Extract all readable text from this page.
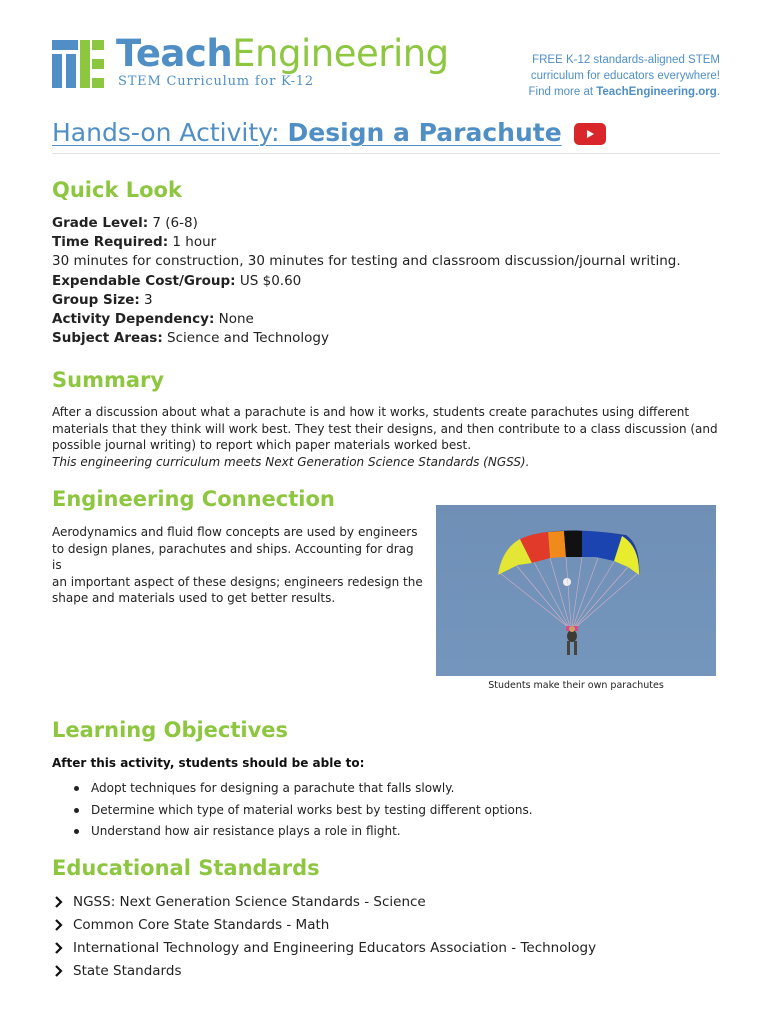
TeachEngineering
STEM Curriculum for K-12
FREE K-12 standards-aligned STEM
curriculum for educators everywhere!
Find more at TeachEngineering.org.
Hands-on Activity: Design a Parachute
Quick Look
Grade Level: 7 (6-8)
Time Required: 1 hour
30 minutes for construction, 30 minutes for testing and classroom discussion/journal writing.
Expendable Cost/Group: US $0.60
Group Size: 3
Activity Dependency: None
Subject Areas: Science and Technology
Summary
After a discussion about what a parachute is and how it works, students create parachutes using different
materials that they think will work best. They test their designs, and then contribute to a class discussion (and
possible journal writing) to report which paper materials worked best.
This engineering curriculum meets Next Generation Science Standards (NGSS).
Engineering Connection
Aerodynamics and fluid flow concepts are used by engineers
to design planes, parachutes and ships. Accounting for drag is
an important aspect of these designs; engineers redesign the
shape and materials used to get better results.
Students make their own parachutes
Learning Objectives
After this activity, students should be able to:
Adopt techniques for designing a parachute that falls slowly.
Determine which type of material works best by testing different options.
Understand how air resistance plays a role in flight.
Educational Standards
NGSS: Next Generation Science Standards - Science
Common Core State Standards - Math
International Technology and Engineering Educators Association - Technology
State Standards
